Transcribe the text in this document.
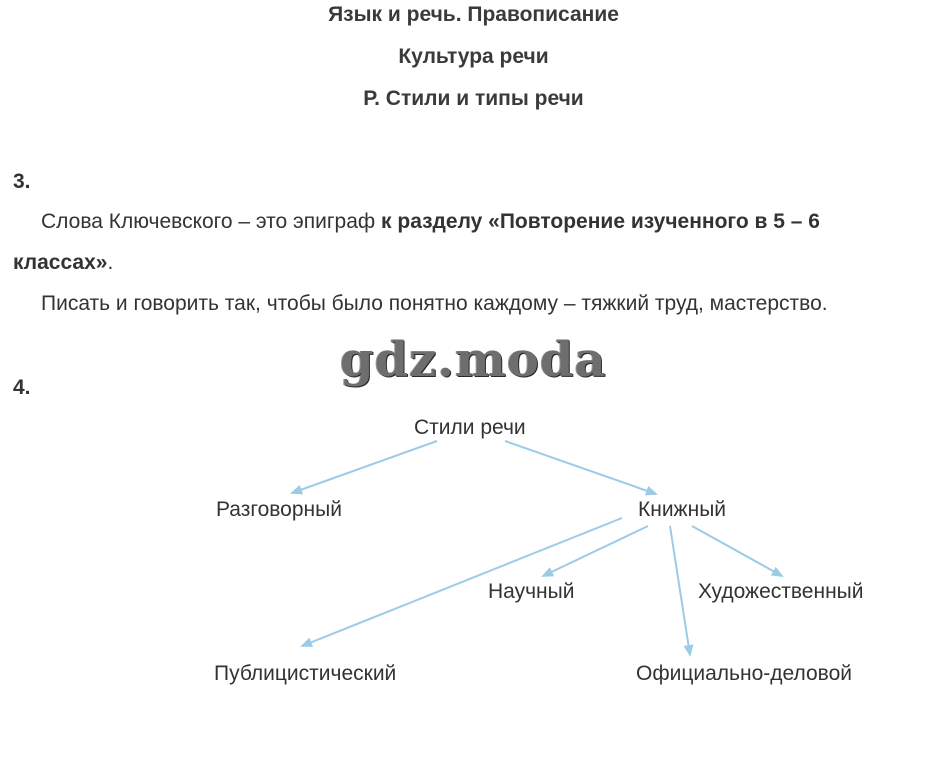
Язык и речь. Правописание
Культура речи
Р. Стили и типы речи
3.
Слова Ключевского – это эпиграф к разделу «Повторение изученного в 5 – 6
классах».
Писать и говорить так, чтобы было понятно каждому – тяжкий труд, мастерство.
gdz.moda
4.
Стили речи
Разговорный	Книжный
Научный	Художественный
Публицистический	Официально-деловой
